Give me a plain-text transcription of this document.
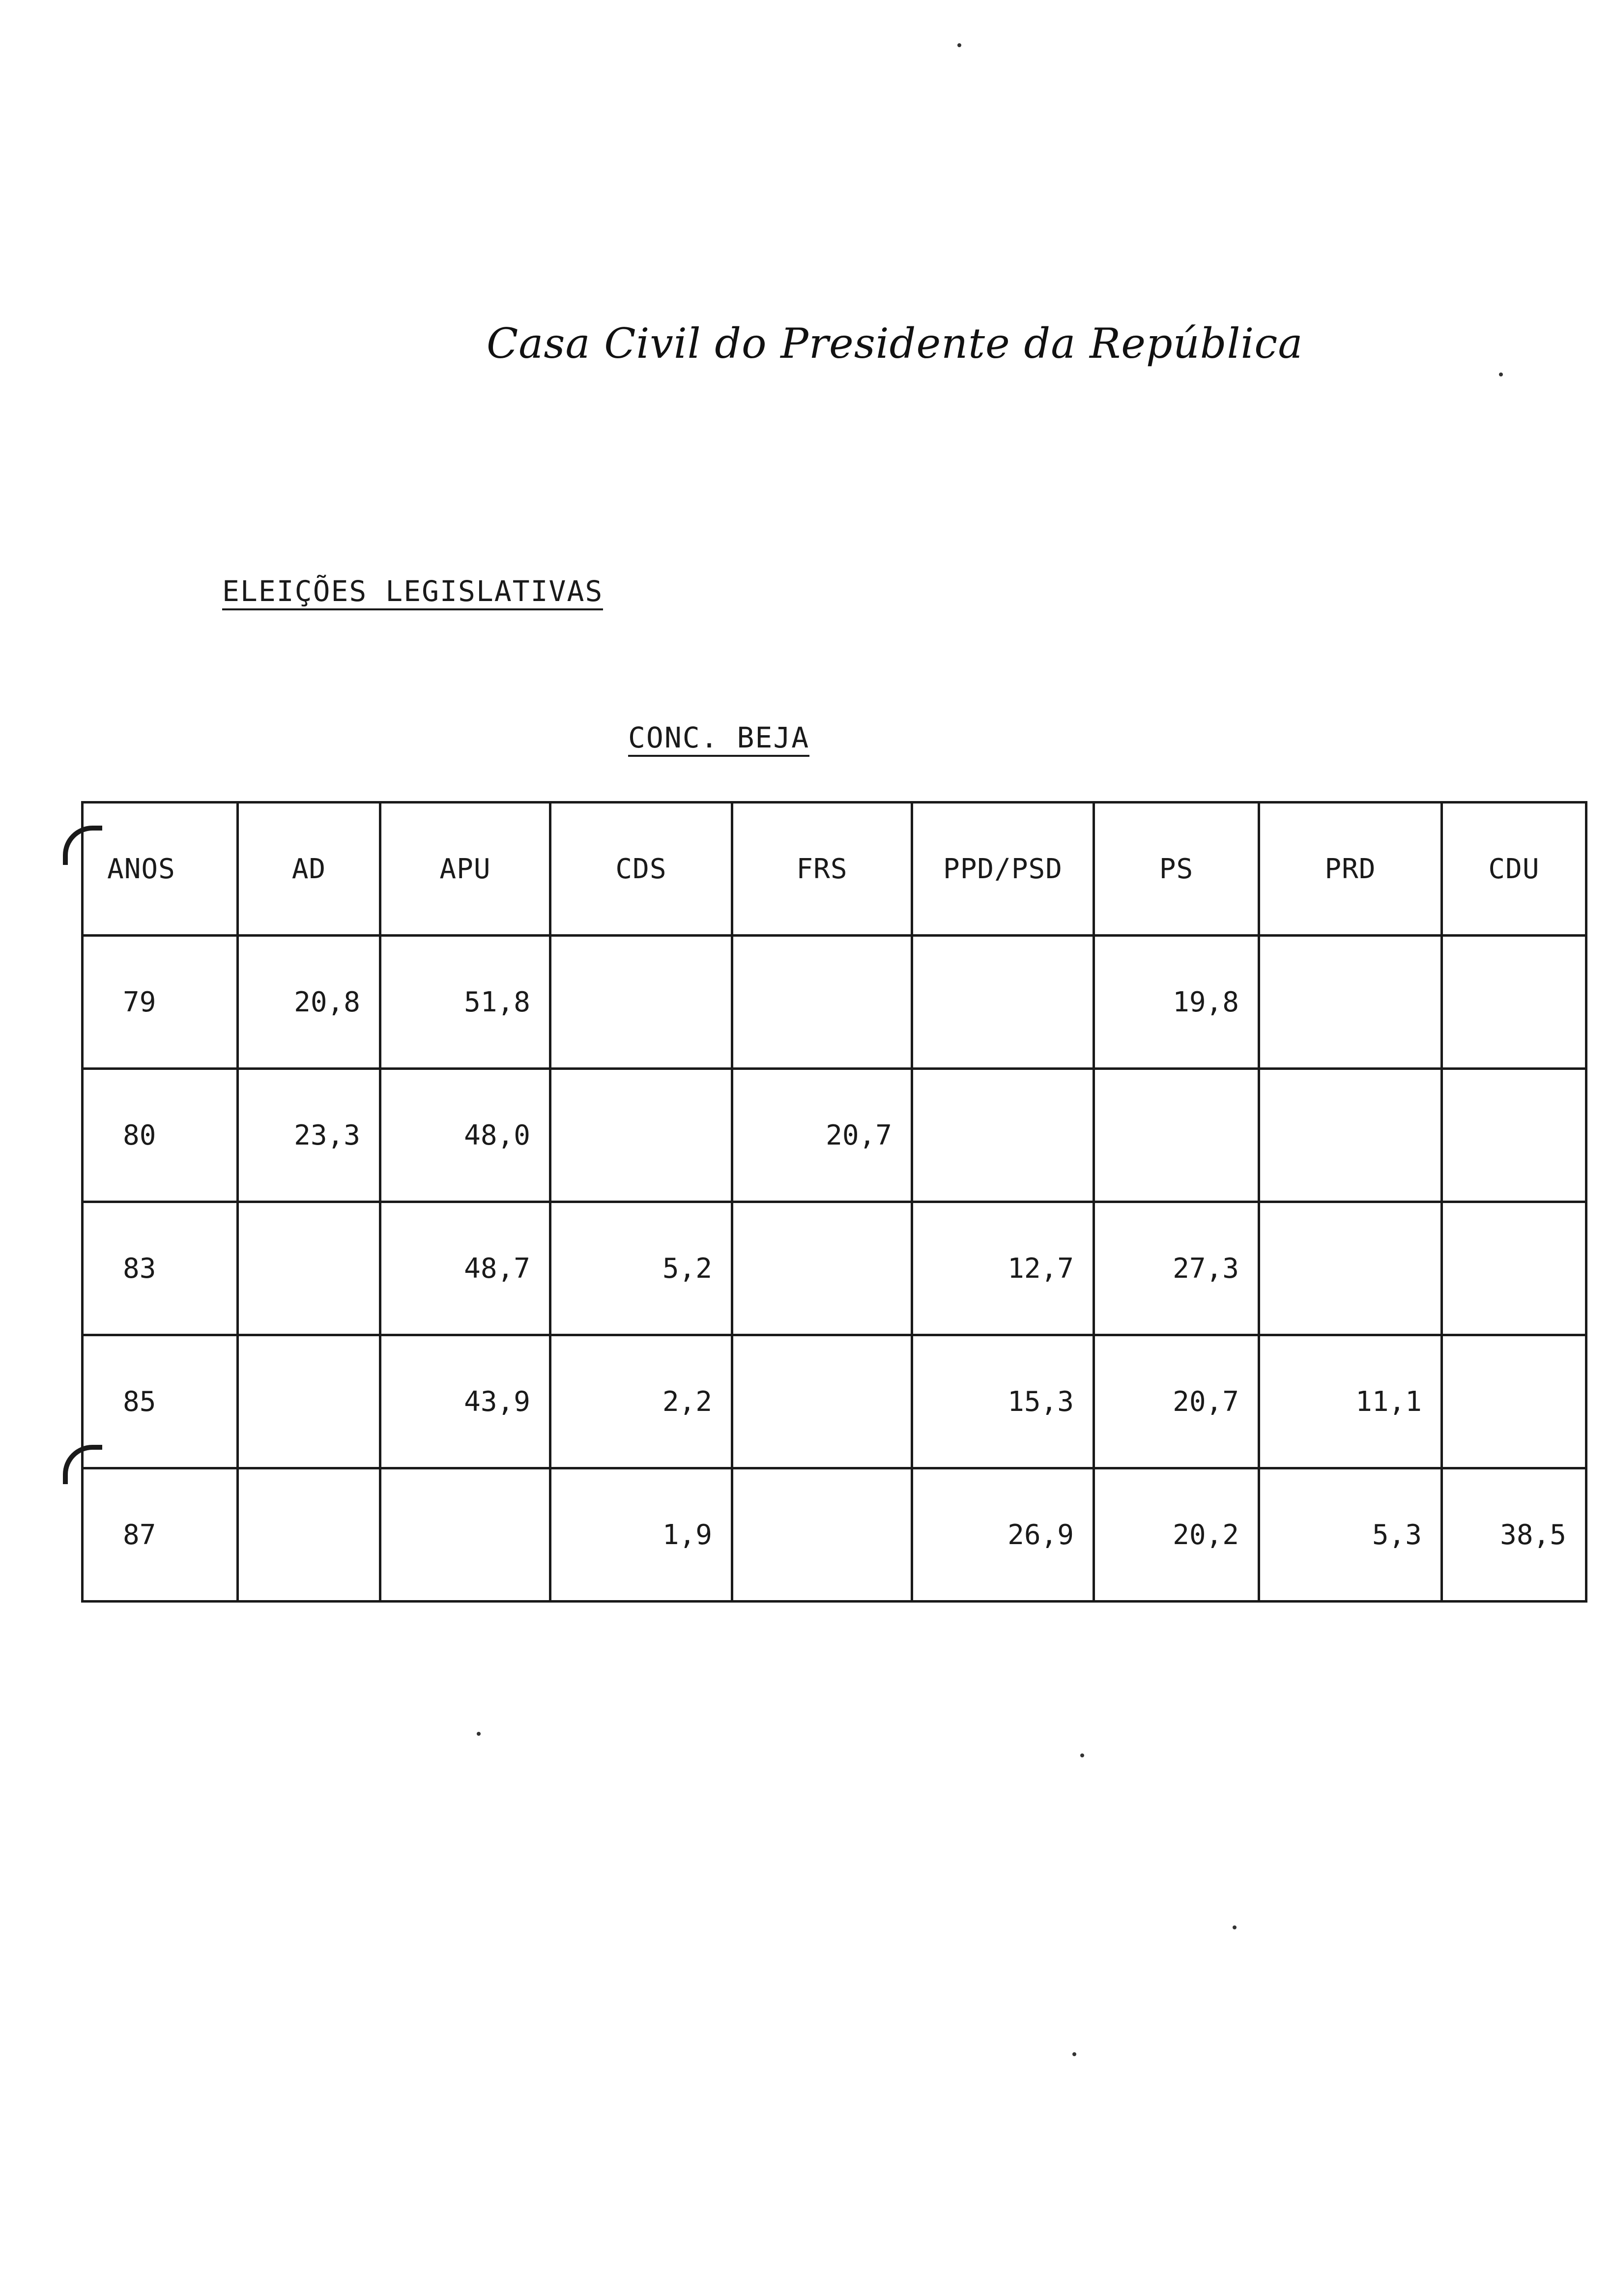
Casa Civil do Presidente da República
ELEIÇÕES LEGISLATIVAS
CONC. BEJA
ANOS	AD	APU	CDS	FRS	PPD/PSD	PS	PRD	CDU
79	20,8	51,8				19,8		
80	23,3	48,0		20,7				
83		48,7	5,2		12,7	27,3		
85		43,9	2,2		15,3	20,7	11,1	
87			1,9		26,9	20,2	5,3	38,5
